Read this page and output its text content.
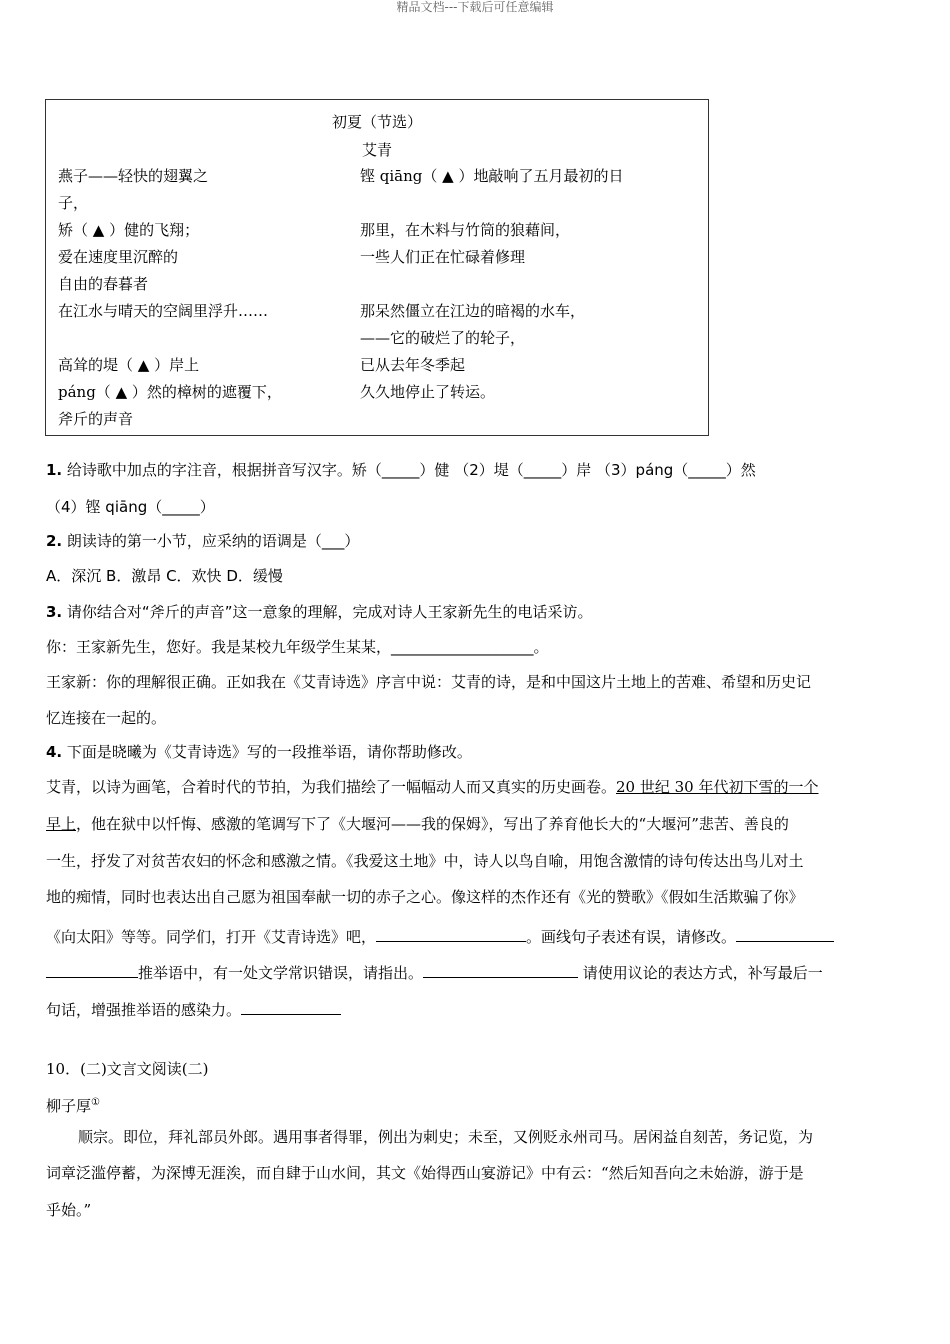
精品文档---下载后可任意编辑
初夏（节选）
艾青
燕子——轻快的翅翼之
子，
矫（ ▲ ）健的飞翔；
爱在速度里沉醉的
自由的春暮者
在江水与晴天的空阔里浮升……
高耸的堤（ ▲ ）岸上
páng（ ▲ ）然的樟树的遮覆下，
斧斤的声音
铿 qiāng（ ▲ ）地敲响了五月最初的日
那里，在木料与竹筒的狼藉间，
一些人们正在忙碌着修理
那呆然僵立在江边的暗褐的水车，
——它的破烂了的轮子，
已从去年冬季起
久久地停止了转运。
1. 给诗歌中加点的字注音，根据拼音写汉字。矫（_____）健 （2）堤（_____）岸 （3）páng（_____）然
（4）铿 qiāng（_____）
2. 朗读诗的第一小节，应采纳的语调是（___）
A．深沉 B．激昂 C．欢快 D．缓慢
3. 请你结合对“斧斤的声音”这一意象的理解，完成对诗人王家新先生的电话采访。
你：王家新先生，您好。我是某校九年级学生某某，___________________。
王家新：你的理解很正确。正如我在《艾青诗选》序言中说：艾青的诗，是和中国这片土地上的苦难、希望和历史记
忆连接在一起的。
4. 下面是晓曦为《艾青诗选》写的一段推举语，请你帮助修改。
艾青，以诗为画笔，合着时代的节拍，为我们描绘了一幅幅动人而又真实的历史画卷。20 世纪 30 年代初下雪的一个
早上，他在狱中以忏悔、感激的笔调写下了《大堰河——我的保姆》，写出了养育他长大的“大堰河”悲苦、善良的
一生，抒发了对贫苦农妇的怀念和感激之情。《我爱这土地》中，诗人以鸟自喻，用饱含激情的诗句传达出鸟儿对土
地的痴情，同时也表达出自己愿为祖国奉献一切的赤子之心。像这样的杰作还有《光的赞歌》《假如生活欺骗了你》
《向太阳》等等。同学们，打开《艾青诗选》吧，	。画线句子表述有误，请修改。
推举语中，有一处文学常识错误，请指出。	请使用议论的表达方式，补写最后一
句话，增强推举语的感染力。
10．(二)文言文阅读(二)
柳子厚①
顺宗。即位，拜礼部员外郎。遇用事者得罪，例出为刺史；未至，又例贬永州司马。居闲益自刻苦，务记览，为
词章泛滥停蓄，为深博无涯涘，而自肆于山水间，其文《始得西山宴游记》中有云：“然后知吾向之未始游，游于是
乎始。”
